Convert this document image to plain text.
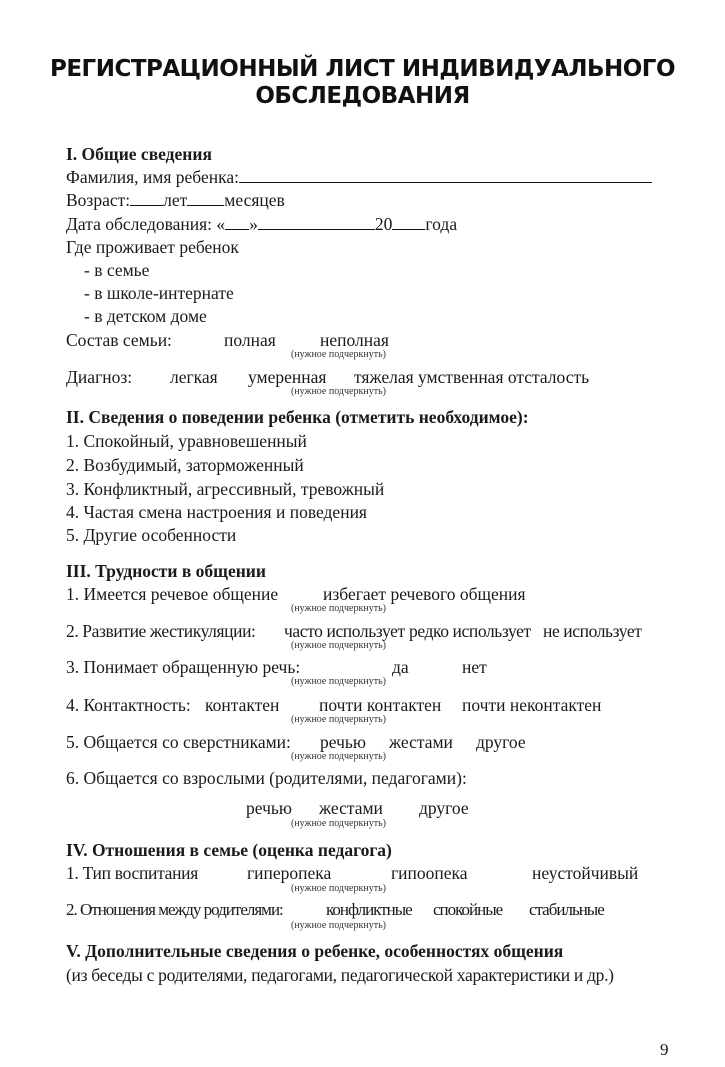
РЕГИСТРАЦИОННЫЙ ЛИСТ ИНДИВИДУАЛЬНОГО
ОБСЛЕДОВАНИЯ
I. Общие сведения
Фамилия, имя ребенка:
Возраст: лет месяцев
Дата обследования: « »	20 года
Где проживает ребенок
- в семье
- в школе-интернате
- в детском доме
Состав семьи:	полная	неполная
(нужное подчеркнуть)
Диагноз: легкая умеренная тяжелая умственная отсталость
(нужное подчеркнуть)
II. Сведения о поведении ребенка (отметить необходимое):
1. Спокойный, уравновешенный
2. Возбудимый, заторможенный
3. Конфликтный, агрессивный, тревожный
4. Частая смена настроения и поведения
5. Другие особенности
III. Трудности в общении
1. Имеется речевое общение	избегает речевого общения
(нужное подчеркнуть)
2. Развитие жестикуляции: часто использует редко использует не использует
(нужное подчеркнуть)
3. Понимает обращенную речь:	да	нет
(нужное подчеркнуть)
4. Контактность: контактен почти контактен почти неконтактен
(нужное подчеркнуть)
5. Общается со сверстниками: речью жестами другое
(нужное подчеркнуть)
6. Общается со взрослыми (родителями, педагогами):
речью жестами другое
(нужное подчеркнуть)
IV. Отношения в семье (оценка педагога)
1. Тип воспитания	гиперопека	гипоопека	неустойчивый
(нужное подчеркнуть)
2. Отношения между родителями:	конфликтные спокойные стабильные
(нужное подчеркнуть)
V. Дополнительные сведения о ребенке, особенностях общения
(из беседы с родителями, педагогами, педагогической характеристики и др.)
9
